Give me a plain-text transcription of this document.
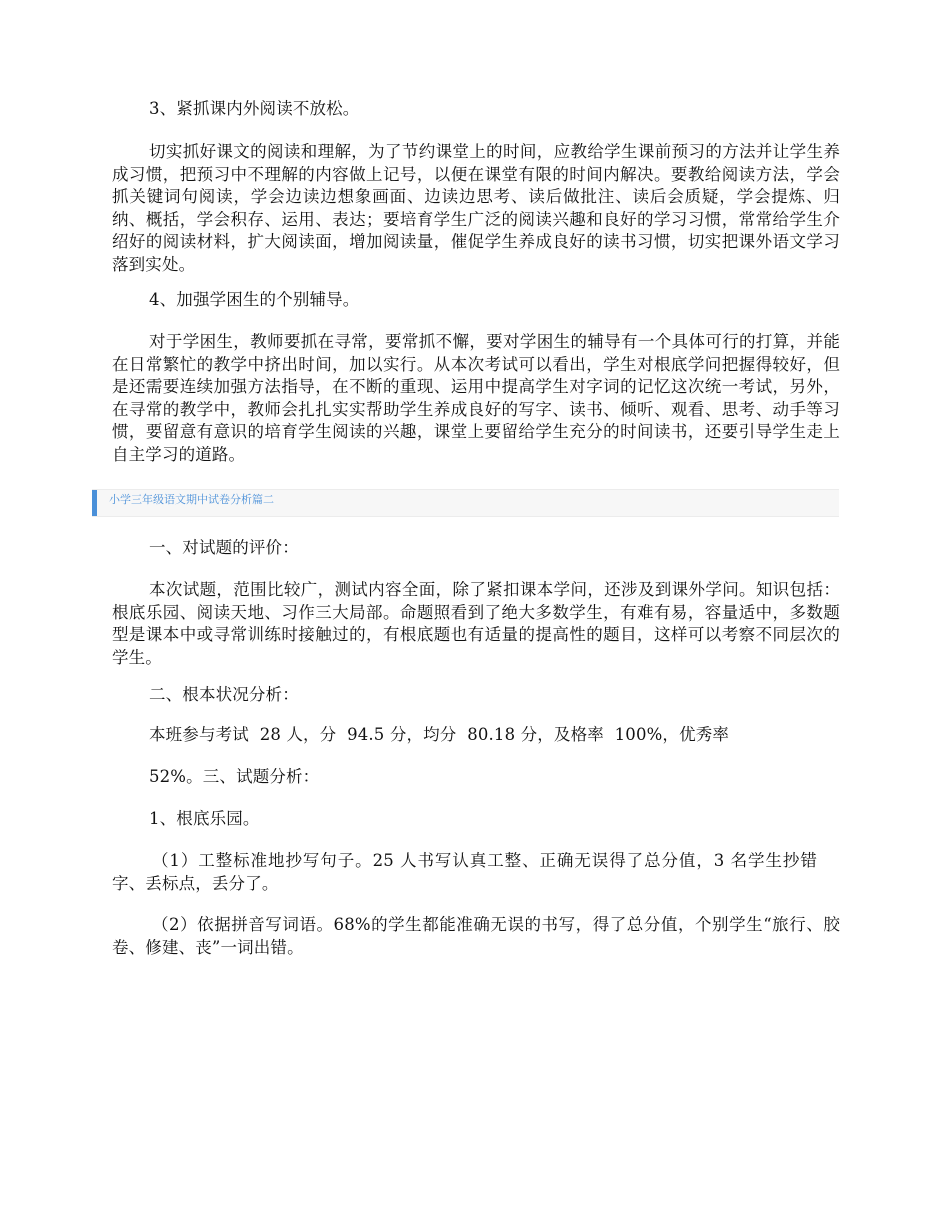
3、紧抓课内外阅读不放松。
切实抓好课文的阅读和理解，为了节约课堂上的时间，应教给学生课前预习的方法并让学生养成习惯，把预习中不理解的内容做上记号，以便在课堂有限的时间内解决。要教给阅读方法，学会抓关键词句阅读，学会边读边想象画面、边读边思考、读后做批注、读后会质疑，学会提炼、归纳、概括，学会积存、运用、表达；要培育学生广泛的阅读兴趣和良好的学习习惯，常常给学生介绍好的阅读材料，扩大阅读面，增加阅读量，催促学生养成良好的读书习惯，切实把课外语文学习落到实处。
4、加强学困生的个别辅导。
对于学困生，教师要抓在寻常，要常抓不懈，要对学困生的辅导有一个具体可行的打算，并能在日常繁忙的教学中挤出时间，加以实行。从本次考试可以看出，学生对根底学问把握得较好，但是还需要连续加强方法指导，在不断的重现、运用中提高学生对字词的记忆这次统一考试，另外，在寻常的教学中，教师会扎扎实实帮助学生养成良好的写字、读书、倾听、观看、思考、动手等习惯，要留意有意识的培育学生阅读的兴趣，课堂上要留给学生充分的时间读书，还要引导学生走上自主学习的道路。
小学三年级语文期中试卷分析篇二
一、对试题的评价：
本次试题，范围比较广，测试内容全面，除了紧扣课本学问，还涉及到课外学问。知识包括：根底乐园、阅读天地、习作三大局部。命题照看到了绝大多数学生，有难有易，容量适中，多数题型是课本中或寻常训练时接触过的，有根底题也有适量的提高性的题目，这样可以考察不同层次的学生。
二、根本状况分析：
本班参与考试  28 人，分  94.5 分，均分  80.18 分，及格率  100%，优秀率
52%。三、试题分析：
1、根底乐园。
（1）工整标准地抄写句子。25 人书写认真工整、正确无误得了总分值，3 名学生抄错字、丢标点，丢分了。
（2）依据拼音写词语。68%的学生都能准确无误的书写，得了总分值，个别学生“旅行、胶卷、修建、丧”一词出错。
